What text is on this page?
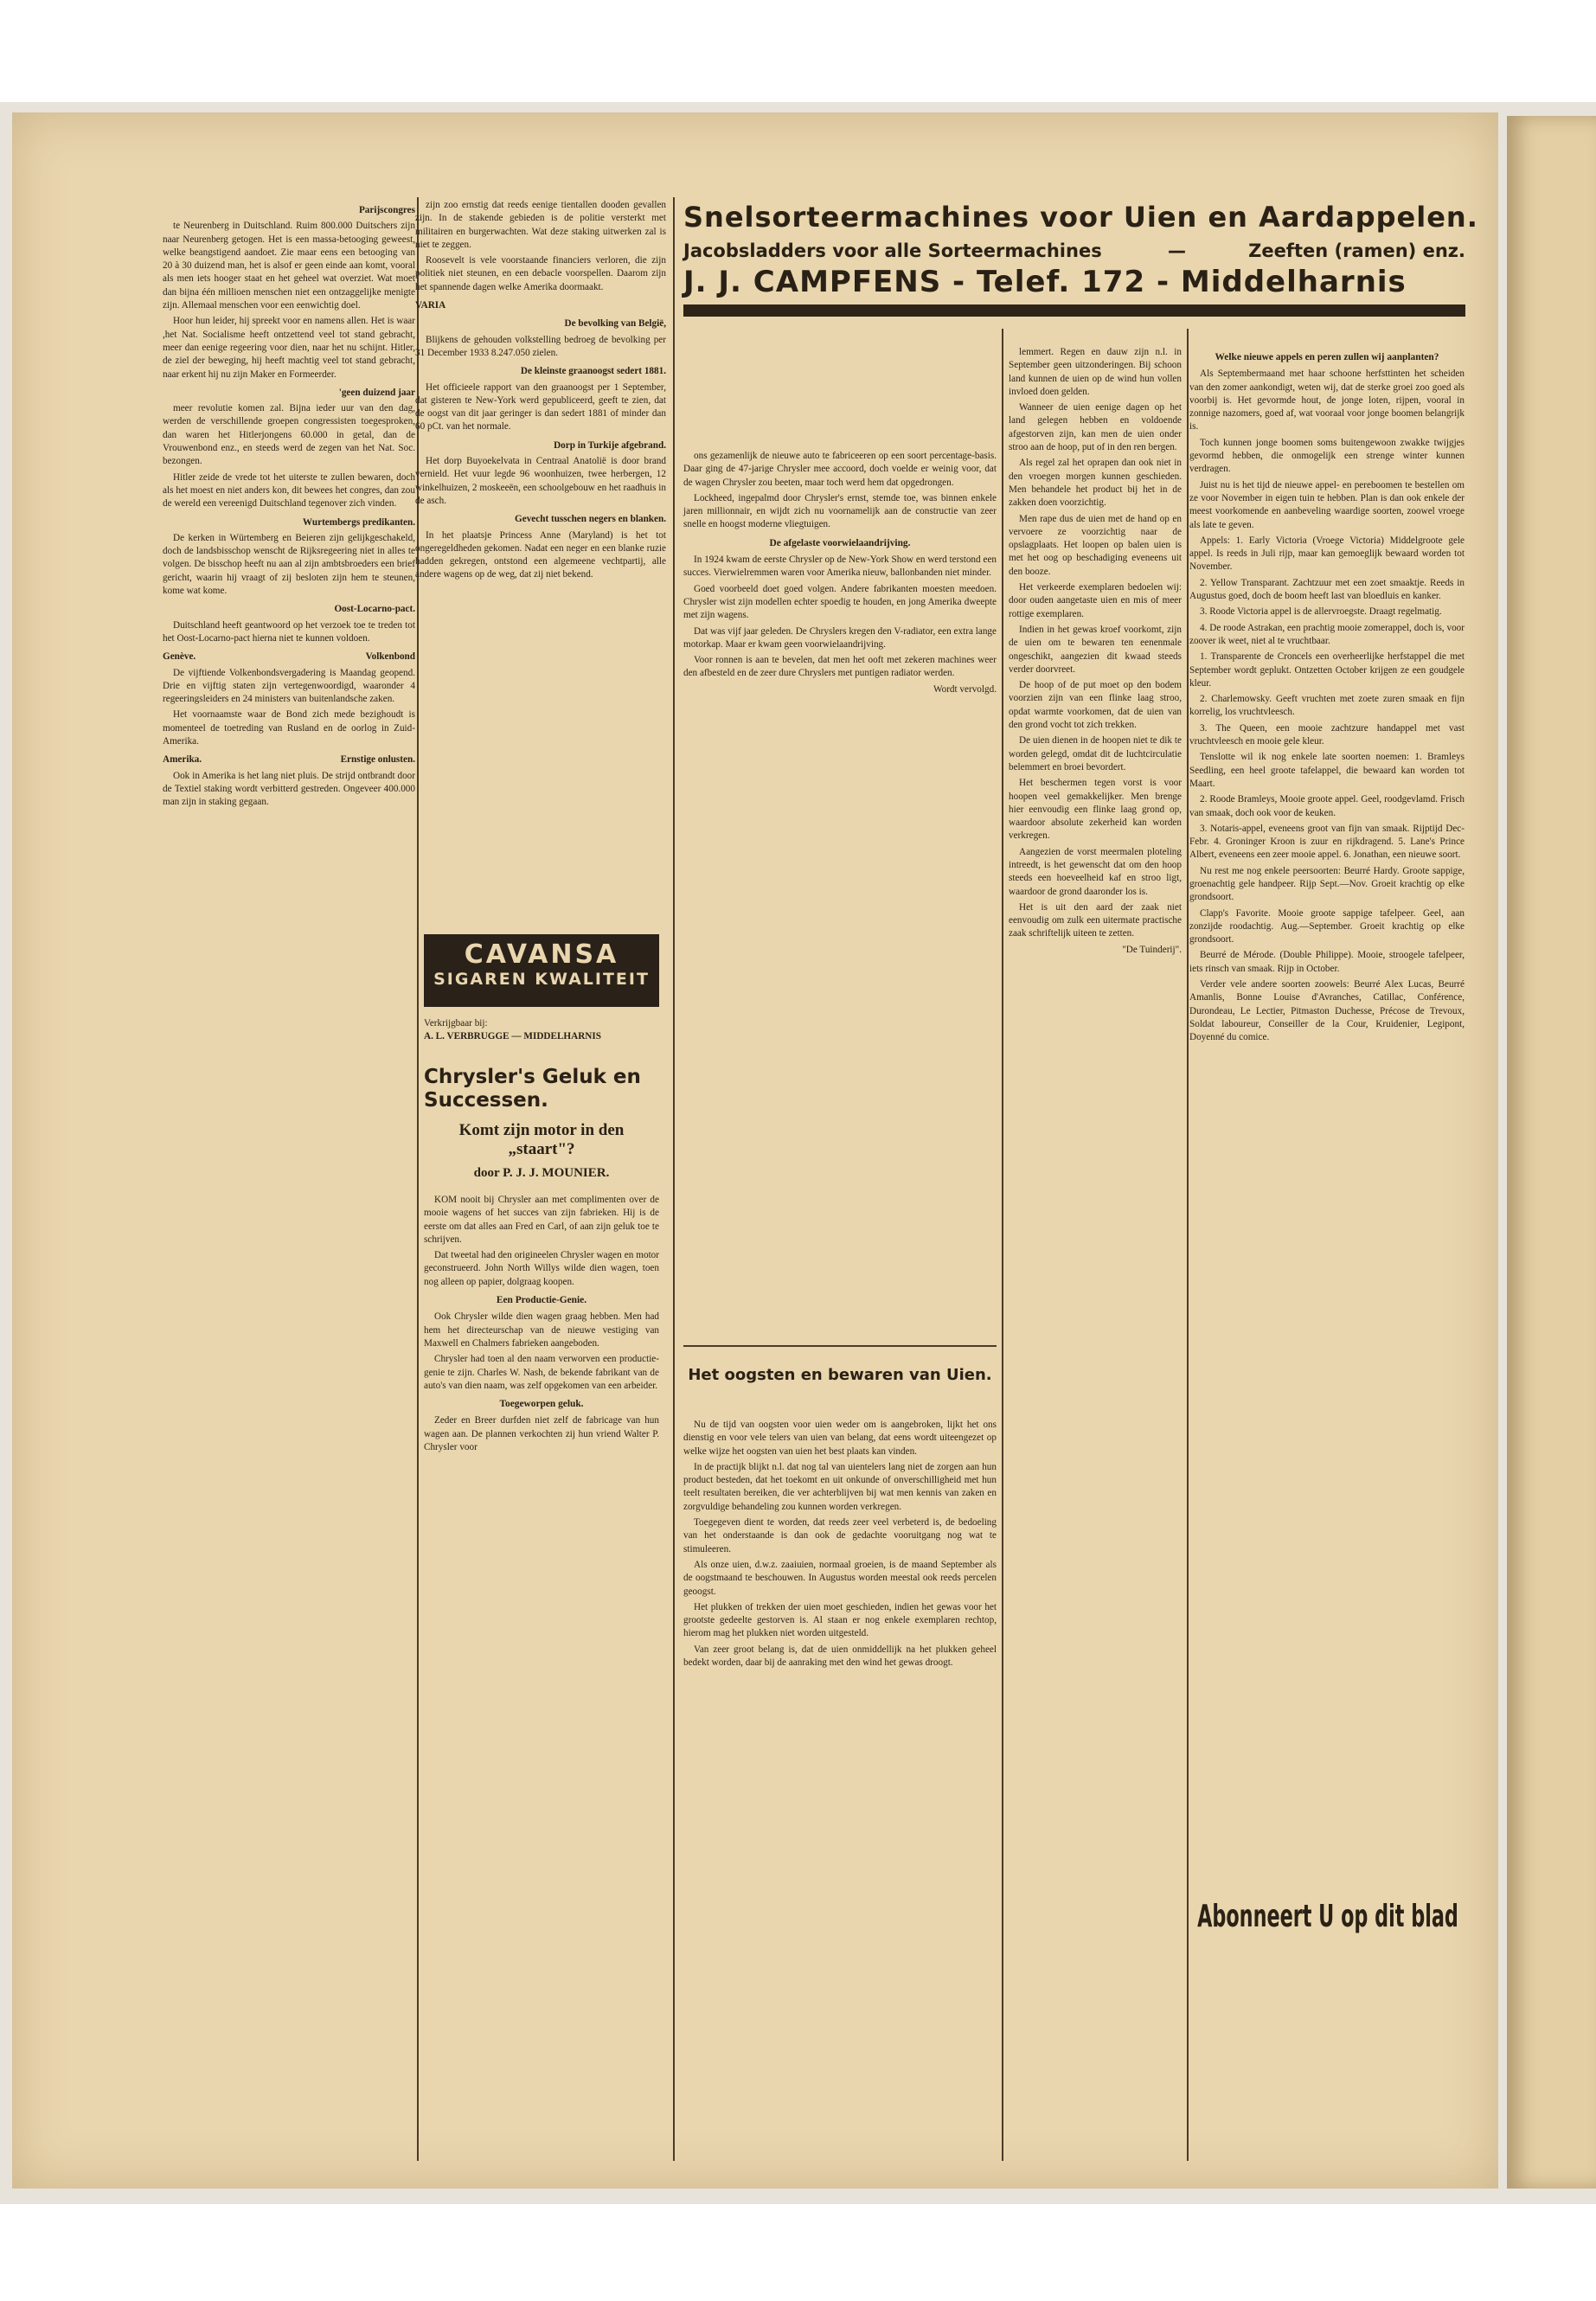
Snelsorteermachines voor Uien en Aardappelen.
Jacobsladders voor alle Sorteermachines	—	Zeeften (ramen) enz.
J. J. CAMPFENS - Telef. 172 - Middelharnis
Parijscongres

te Neurenberg in Duitschland. Ruim 800.000 Duitschers zijn naar Neurenberg getogen. Het is een massa-betooging geweest, welke beangstigend aandoet. Zie maar eens een betooging van 20 à 30 duizend man, het is alsof er geen einde aan komt, vooral als men iets hooger staat en het geheel wat overziet. Wat moet dan bijna één millioen menschen niet een ontzaggelijke menigte zijn. Allemaal menschen voor een eenwichtig doel.

Hoor hun leider, hij spreekt voor en namens allen. Het is waar ,het Nat. Socialisme heeft ontzettend veel tot stand gebracht, meer dan eenige regeering voor dien, naar het nu schijnt. Hitler, de ziel der beweging, hij heeft machtig veel tot stand gebracht, naar erkent hij nu zijn Maker en Formeerder.

'geen duizend jaar

meer revolutie komen zal. Bijna ieder uur van den dag, werden de verschillende groepen congressisten toegesproken, dan waren het Hitlerjongens 60.000 in getal, dan de Vrouwenbond enz., en steeds werd de zegen van het Nat. Soc. bezongen.

Hitler zeide de vrede tot het uiterste te zullen bewaren, doch als het moest en niet anders kon, dit bewees het congres, dan zou de wereld een vereenigd Duitschland tegenover zich vinden.

Wurtembergs predikanten.

De kerken in Würtemberg en Beieren zijn gelijkgeschakeld, doch de landsbisschop wenscht de Rijksregeering niet in alles te volgen. De bisschop heeft nu aan al zijn ambtsbroeders een brief gericht, waarin hij vraagt of zij besloten zijn hem te steunen, kome wat kome.

Oost-Locarno-pact.

Duitschland heeft geantwoord op het verzoek toe te treden tot het Oost-Locarno-pact hierna niet te kunnen voldoen.

Genève.	Volkenbond

De vijftiende Volkenbondsvergadering is Maandag geopend. Drie en vijftig staten zijn vertegenwoordigd, waaronder 4 regeeringsleiders en 24 ministers van buitenlandsche zaken.

Het voornaamste waar de Bond zich mede bezighoudt is momenteel de toetreding van Rusland en de oorlog in Zuid-Amerika.

Amerika.	Ernstige onlusten.

Ook in Amerika is het lang niet pluis. De strijd ontbrandt door de Textiel staking wordt verbitterd gestreden. Ongeveer 400.000 man zijn in staking gegaan.

zijn zoo ernstig dat reeds eenige tientallen dooden gevallen zijn. In de stakende gebieden is de politie versterkt met militairen en burgerwachten. Wat deze staking uitwerken zal is niet te zeggen.

Roosevelt is vele voorstaande financiers verloren, die zijn politiek niet steunen, en een debacle voorspellen. Daarom zijn het spannende dagen welke Amerika doormaakt.

VARIA
De bevolking van België,

Blijkens de gehouden volkstelling bedroeg de bevolking per 31 December 1933 8.247.050 zielen.

De kleinste graanoogst sedert 1881.

Het officieele rapport van den graanoogst per 1 September, dat gisteren te New-York werd gepubliceerd, geeft te zien, dat de oogst van dit jaar geringer is dan sedert 1881 of minder dan 60 pCt. van het normale.

Dorp in Turkije afgebrand.

Het dorp Buyoekelvata in Centraal Anatolië is door brand vernield. Het vuur legde 96 woonhuizen, twee herbergen, 12 winkelhuizen, 2 moskeeën, een schoolgebouw en het raadhuis in de asch.

Gevecht tusschen negers en blanken.

In het plaatsje Princess Anne (Maryland) is het tot ongeregeldheden gekomen. Nadat een neger en een blanke ruzie hadden gekregen, ontstond een algemeene vechtpartij, alle andere wagens op de weg, dat zij niet bekend.

CAVANSA
SIGAREN KWALITEIT
Verkrijgbaar bij:
A. L. VERBRUGGE — MIDDELHARNIS
Chrysler's Geluk en Successen.
Komt zijn motor in den „staart"?
door P. J. J. MOUNIER.

KOM nooit bij Chrysler aan met complimenten over de mooie wagens of het succes van zijn fabrieken. Hij is de eerste om dat alles aan Fred en Carl, of aan zijn geluk toe te schrijven.

Dat tweetal had den origineelen Chrysler wagen en motor geconstrueerd. John North Willys wilde dien wagen, toen nog alleen op papier, dolgraag koopen.

Een Productie-Genie.

Ook Chrysler wilde dien wagen graag hebben. Men had hem het directeurschap van de nieuwe vestiging van Maxwell en Chalmers fabrieken aangeboden.

Chrysler had toen al den naam verworven een productie-genie te zijn. Charles W. Nash, de bekende fabrikant van de auto's van dien naam, was zelf opgekomen van een arbeider.

Toegeworpen geluk.

Zeder en Breer durfden niet zelf de fabricage van hun wagen aan. De plannen verkochten zij hun vriend Walter P. Chrysler voor

ons gezamenlijk de nieuwe auto te fabriceeren op een soort percentage-basis. Daar ging de 47-jarige Chrysler mee accoord, doch voelde er weinig voor, dat de wagen Chrysler zou beeten, maar toch werd hem dat opgedrongen.

Lockheed, ingepalmd door Chrysler's ernst, stemde toe, was binnen enkele jaren millionnair, en wijdt zich nu voornamelijk aan de constructie van zeer snelle en hoogst moderne vliegtuigen.

De afgelaste voorwielaandrijving.

In 1924 kwam de eerste Chrysler op de New-York Show en werd terstond een succes. Vierwielremmen waren voor Amerika nieuw, ballonbanden niet minder.

Goed voorbeeld doet goed volgen. Andere fabrikanten moesten meedoen. Chrysler wist zijn modellen echter spoedig te houden, en jong Amerika dweepte met zijn wagens.

Dat was vijf jaar geleden. De Chryslers kregen den V-radiator, een extra lange motorkap. Maar er kwam geen voorwielaandrijving.

Voor ronnen is aan te bevelen, dat men het ooft met zekeren machines weer den afbesteld en de zeer dure Chryslers met puntigen radiator werden.

Wordt vervolgd.
Het oogsten en bewaren van Uien.

Nu de tijd van oogsten voor uien weder om is aangebroken, lijkt het ons dienstig en voor vele telers van uien van belang, dat eens wordt uiteengezet op welke wijze het oogsten van uien het best plaats kan vinden.

In de practijk blijkt n.l. dat nog tal van uientelers lang niet de zorgen aan hun product besteden, dat het toekomt en uit onkunde of onverschilligheid met hun teelt resultaten bereiken, die ver achterblijven bij wat men kennis van zaken en zorgvuldige behandeling zou kunnen worden verkregen.

Toegegeven dient te worden, dat reeds zeer veel verbeterd is, de bedoeling van het onderstaande is dan ook de gedachte vooruitgang nog wat te stimuleeren.

Als onze uien, d.w.z. zaaiuien, normaal groeien, is de maand September als de oogstmaand te beschouwen. In Augustus worden meestal ook reeds percelen geoogst.

Het plukken of trekken der uien moet geschieden, indien het gewas voor het grootste gedeelte gestorven is. Al staan er nog enkele exemplaren rechtop, hierom mag het plukken niet worden uitgesteld.

Van zeer groot belang is, dat de uien onmiddellijk na het plukken geheel bedekt worden, daar bij de aanraking met den wind het gewas droogt.

lemmert. Regen en dauw zijn n.l. in September geen uitzonderingen. Bij schoon land kunnen de uien op de wind hun vollen invloed doen gelden.

Wanneer de uien eenige dagen op het land gelegen hebben en voldoende afgestorven zijn, kan men de uien onder stroo aan de hoop, put of in den ren bergen.

Als regel zal het oprapen dan ook niet in den vroegen morgen kunnen geschieden. Men behandele het product bij het in de zakken doen voorzichtig.

Men rape dus de uien met de hand op en vervoere ze voorzichtig naar de opslagplaats. Het loopen op balen uien is met het oog op beschadiging eveneens uit den booze.

Het verkeerde exemplaren bedoelen wij: door ouden aangetaste uien en mis of meer rottige exemplaren.

Indien in het gewas kroef voorkomt, zijn de uien om te bewaren ten eenenmale ongeschikt, aangezien dit kwaad steeds verder doorvreet.

De hoop of de put moet op den bodem voorzien zijn van een flinke laag stroo, opdat warmte voorkomen, dat de uien van den grond vocht tot zich trekken.

De uien dienen in de hoopen niet te dik te worden gelegd, omdat dit de luchtcirculatie belemmert en broei bevordert.

Het beschermen tegen vorst is voor hoopen veel gemakkelijker. Men brenge hier eenvoudig een flinke laag grond op, waardoor absolute zekerheid kan worden verkregen.

Aangezien de vorst meermalen ploteling intreedt, is het gewenscht dat om den hoop steeds een hoeveelheid kaf en stroo ligt, waardoor de grond daaronder los is.

Het is uit den aard der zaak niet eenvoudig om zulk een uitermate practische zaak schriftelijk uiteen te zetten.

"De Tuinderij".
Welke nieuwe appels en peren zullen wij aanplanten?

Als Septembermaand met haar schoone herfsttinten het scheiden van den zomer aankondigt, weten wij, dat de sterke groei zoo goed als voorbij is. Het gevormde hout, de jonge loten, rijpen, vooral in zonnige nazomers, goed af, wat vooraal voor jonge boomen belangrijk is.

Toch kunnen jonge boomen soms buitengewoon zwakke twijgjes gevormd hebben, die onmogelijk een strenge winter kunnen verdragen.

Juist nu is het tijd de nieuwe appel- en pereboomen te bestellen om ze voor November in eigen tuin te hebben. Plan is dan ook enkele der meest voorkomende en aanbeveling waardige soorten, zoowel vroege als late te geven.

Appels: 1. Early Victoria (Vroege Victoria) Middelgroote gele appel. Is reeds in Juli rijp, maar kan gemoeglijk bewaard worden tot November.

2. Yellow Transparant. Zachtzuur met een zoet smaaktje. Reeds in Augustus goed, doch de boom heeft last van bloedluis en kanker.

3. Roode Victoria appel is de allervroegste. Draagt regelmatig.

4. De roode Astrakan, een prachtig mooie zomerappel, doch is, voor zoover ik weet, niet al te vruchtbaar.

1. Transparente de Croncels een overheerlijke herfstappel die met September wordt geplukt. Ontzetten October krijgen ze een goudgele kleur.

2. Charlemowsky. Geeft vruchten met zoete zuren smaak en fijn korrelig, los vruchtvleesch.

3. The Queen, een mooie zachtzure handappel met vast vruchtvleesch en mooie gele kleur.

Tenslotte wil ik nog enkele late soorten noemen: 1. Bramleys Seedling, een heel groote tafelappel, die bewaard kan worden tot Maart.

2. Roode Bramleys, Mooie groote appel. Geel, roodgevlamd. Frisch van smaak, doch ook voor de keuken.

3. Notaris-appel, eveneens groot van fijn van smaak. Rijptijd Dec-Febr. 4. Groninger Kroon is zuur en rijkdragend. 5. Lane's Prince Albert, eveneens een zeer mooie appel. 6. Jonathan, een nieuwe soort.

Nu rest me nog enkele peersoorten: Beurré Hardy. Groote sappige, groenachtig gele handpeer. Rijp Sept.—Nov. Groeit krachtig op elke grondsoort.

Clapp's Favorite. Mooie groote sappige tafelpeer. Geel, aan zonzijde roodachtig. Aug.—September. Groeit krachtig op elke grondsoort.

Beurré de Mérode. (Double Philippe). Mooie, stroogele tafelpeer, iets rinsch van smaak. Rijp in October.

Verder vele andere soorten zoowels: Beurré Alex Lucas, Beurré Amanlis, Bonne Louise d'Avranches, Catillac, Conférence, Durondeau, Le Lectier, Pitmaston Duchesse, Précose de Trevoux, Soldat laboureur, Conseiller de la Cour, Kruidenier, Legipont, Doyenné du comice.

Abonneert U op dit blad
